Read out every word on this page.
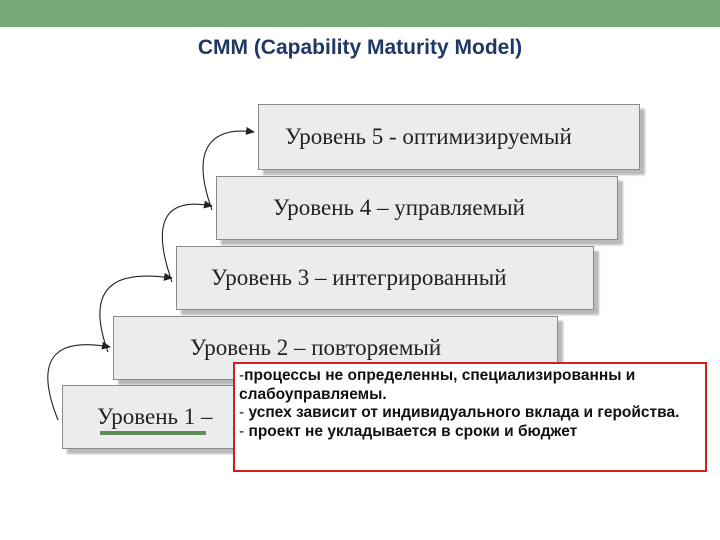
CMM (Capability Maturity Model)
Уровень 5 - оптимизируемый
Уровень 4 – управляемый
Уровень 3 – интегрированный
Уровень 2 – повторяемый
Уровень 1 –
-процессы не определенны, специализированны и слабоуправляемы.
- успех зависит от индивидуального вклада и геройства.
- проект не укладывается в сроки и бюджет
